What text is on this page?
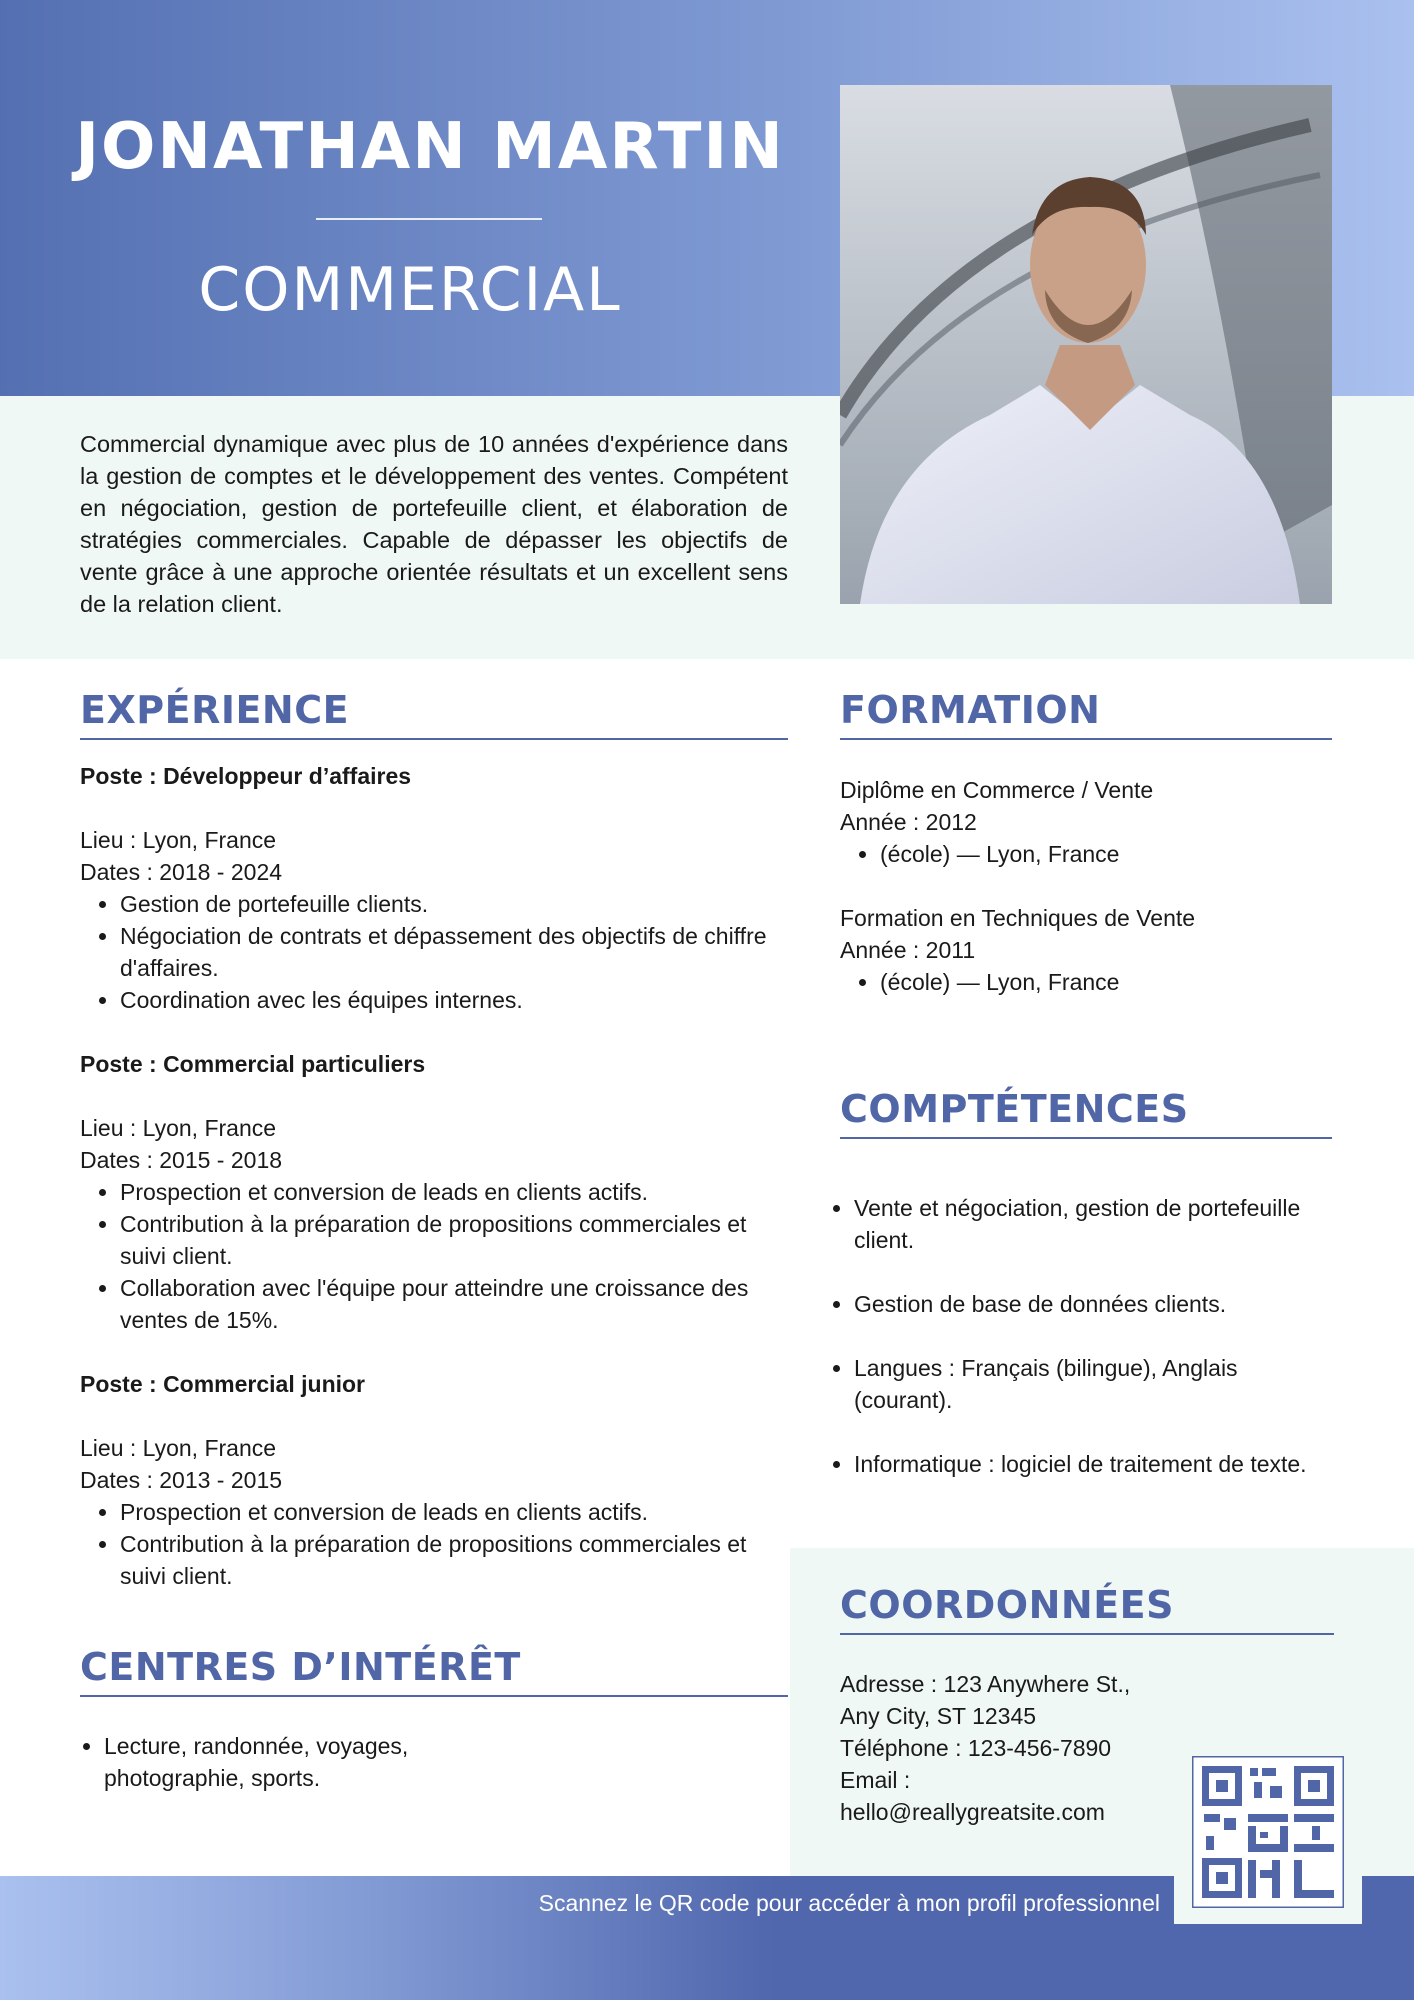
JONATHAN MARTIN
COMMERCIAL

Commercial dynamique avec plus de 10 années d'expérience dans la gestion de comptes et le développement des ventes. Compétent en négociation, gestion de portefeuille client, et élaboration de stratégies commerciales. Capable de dépasser les objectifs de vente grâce à une approche orientée résultats et un excellent sens de la relation client.

EXPÉRIENCE
Poste : Développeur d’affaires
Lieu : Lyon, France
Dates : 2018 - 2024
• Gestion de portefeuille clients.
• Négociation de contrats et dépassement des objectifs de chiffre d'affaires.
• Coordination avec les équipes internes.
Poste : Commercial particuliers
Lieu : Lyon, France
Dates : 2015 - 2018
• Prospection et conversion de leads en clients actifs.
• Contribution à la préparation de propositions commerciales et suivi client.
• Collaboration avec l'équipe pour atteindre une croissance des ventes de 15%.
Poste : Commercial junior
Lieu : Lyon, France
Dates : 2013 - 2015
• Prospection et conversion de leads en clients actifs.
• Contribution à la préparation de propositions commerciales et suivi client.
CENTRES D’INTÉRÊT
• Lecture, randonnée, voyages, photographie, sports.
FORMATION
Diplôme en Commerce / Vente
Année : 2012
• (école) — Lyon, France
Formation en Techniques de Vente
Année : 2011
• (école) — Lyon, France
COMPTÉTENCES
• Vente et négociation, gestion de portefeuille client.
• Gestion de base de données clients.
• Langues : Français (bilingue), Anglais (courant).
• Informatique : logiciel de traitement de texte.
COORDONNÉES
Adresse : 123 Anywhere St.,
Any City, ST 12345
Téléphone : 123-456-7890
Email :
hello@reallygreatsite.com

Scannez le QR code pour accéder à mon profil professionnel
